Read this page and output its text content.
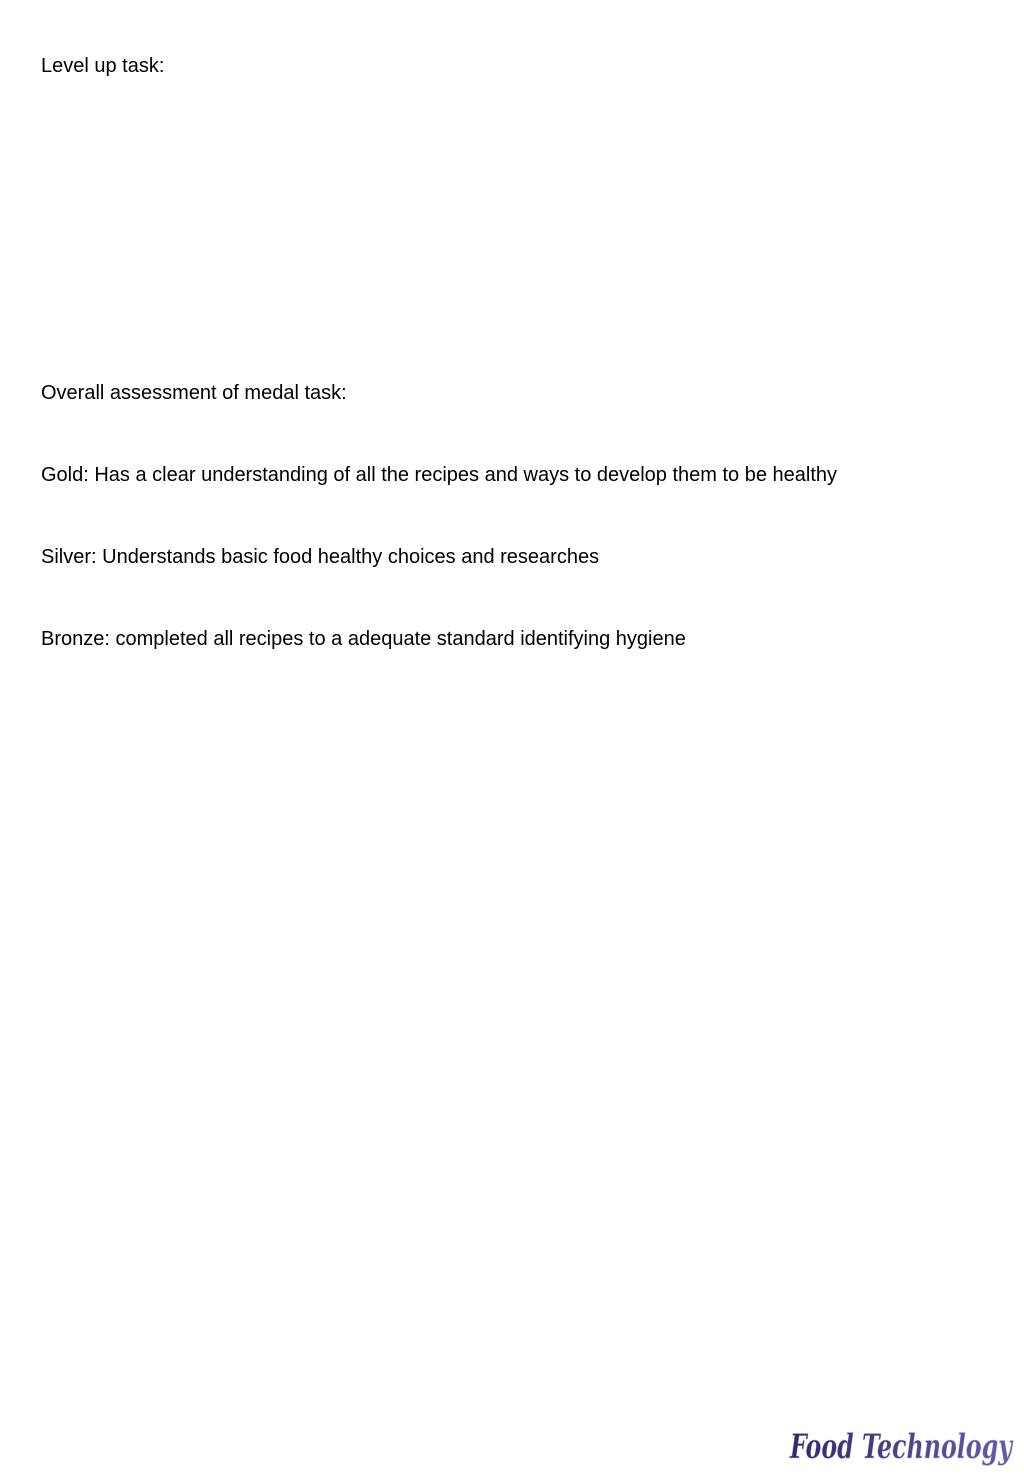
Level up task:

Overall assessment of medal task:

Gold: Has a clear understanding of all the recipes and ways to develop them to be healthy

Silver: Understands basic food healthy choices and researches

Bronze: completed all recipes to a adequate standard identifying hygiene

Food Technology
